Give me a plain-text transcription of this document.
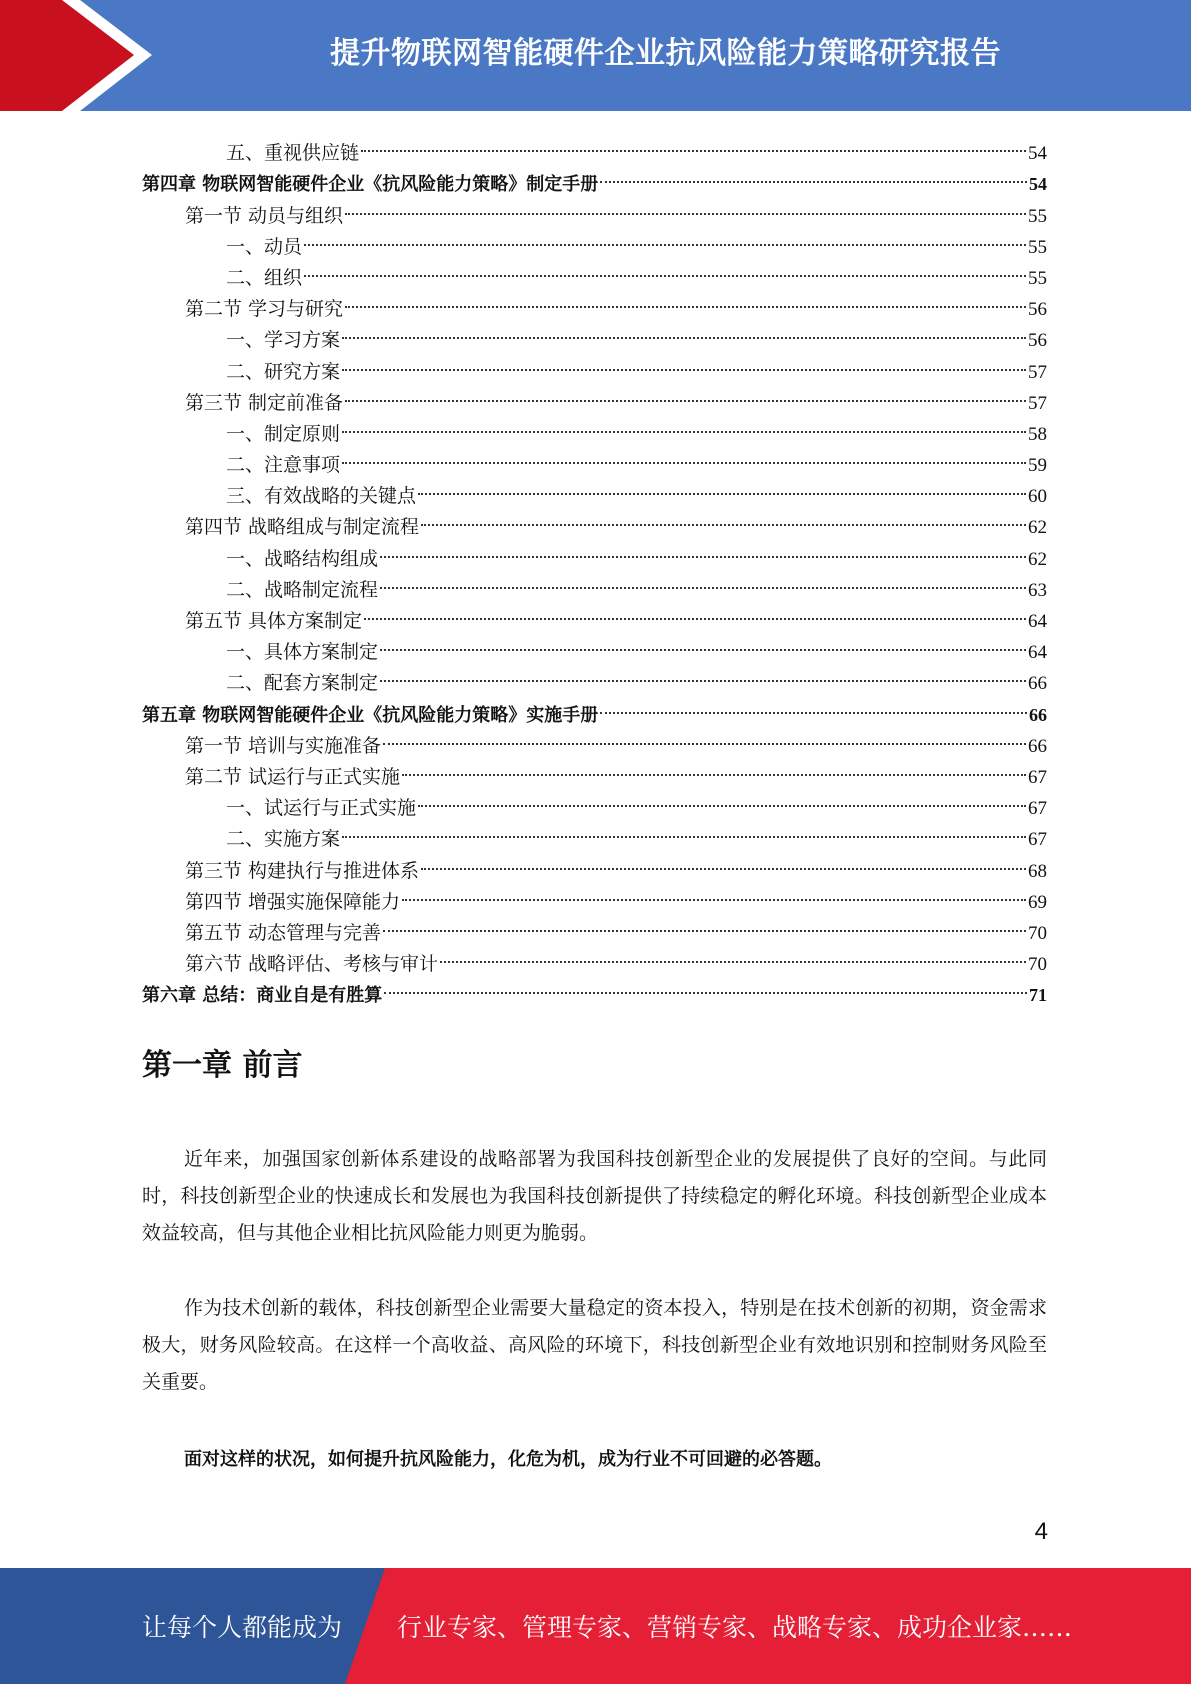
提升物联网智能硬件企业抗风险能力策略研究报告
五、重视供应链	54
第四章 物联网智能硬件企业《抗风险能力策略》制定手册	54
第一节 动员与组织	55
一、动员	55
二、组织	55
第二节 学习与研究	56
一、学习方案	56
二、研究方案	57
第三节 制定前准备	57
一、制定原则	58
二、注意事项	59
三、有效战略的关键点	60
第四节 战略组成与制定流程	62
一、战略结构组成	62
二、战略制定流程	63
第五节 具体方案制定	64
一、具体方案制定	64
二、配套方案制定	66
第五章 物联网智能硬件企业《抗风险能力策略》实施手册	66
第一节 培训与实施准备	66
第二节 试运行与正式实施	67
一、试运行与正式实施	67
二、实施方案	67
第三节 构建执行与推进体系	68
第四节 增强实施保障能力	69
第五节 动态管理与完善	70
第六节 战略评估、考核与审计	70
第六章 总结：商业自是有胜算	71
第一章 前言

近年来，加强国家创新体系建设的战略部署为我国科技创新型企业的发展提供了良好的空间。与此同时，科技创新型企业的快速成长和发展也为我国科技创新提供了持续稳定的孵化环境。科技创新型企业成本效益较高，但与其他企业相比抗风险能力则更为脆弱。

作为技术创新的载体，科技创新型企业需要大量稳定的资本投入，特别是在技术创新的初期，资金需求极大，财务风险较高。在这样一个高收益、高风险的环境下，科技创新型企业有效地识别和控制财务风险至关重要。

面对这样的状况，如何提升抗风险能力，化危为机，成为行业不可回避的必答题。

4
让每个人都能成为 行业专家、管理专家、营销专家、战略专家、成功企业家……
